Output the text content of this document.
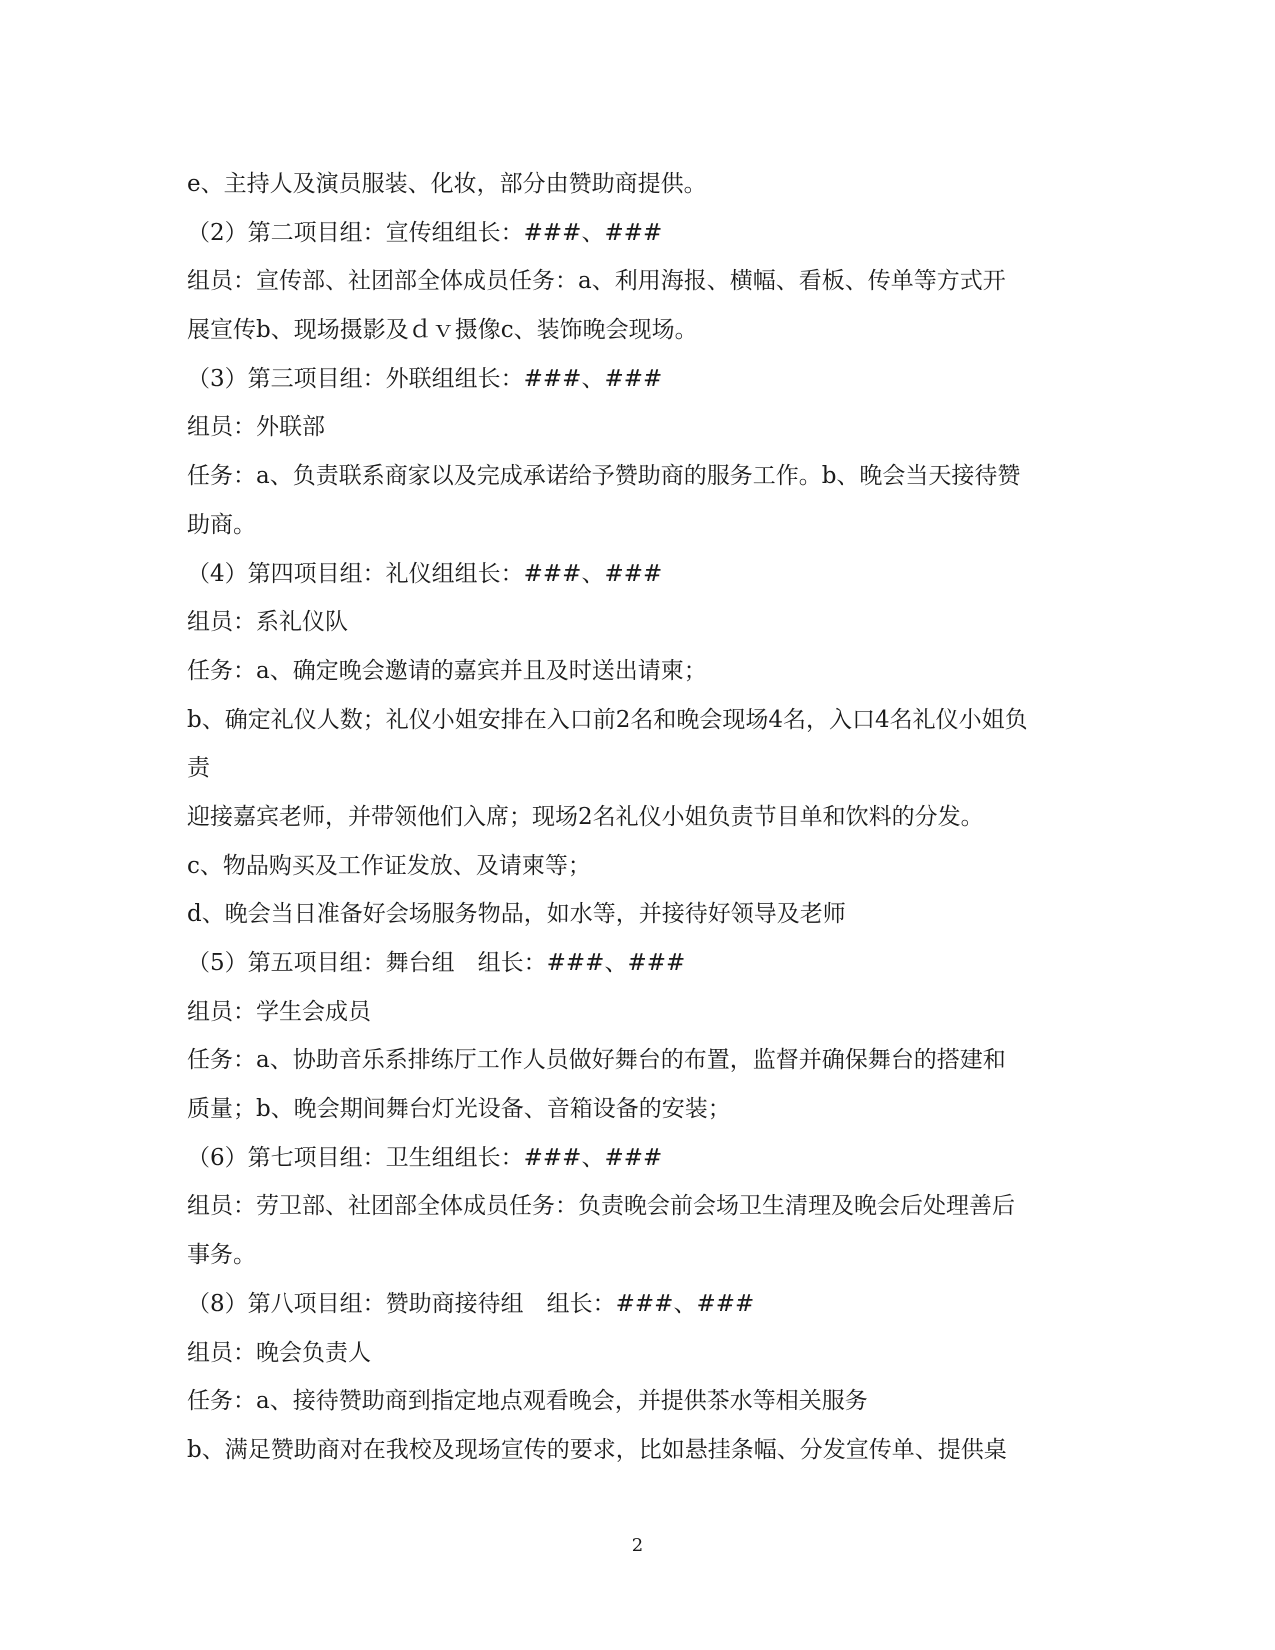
e、主持人及演员服装、化妆，部分由赞助商提供。
（2）第二项目组：宣传组组长：###、###
组员：宣传部、社团部全体成员任务：a、利用海报、横幅、看板、传单等方式开
展宣传b、现场摄影及ｄｖ摄像c、装饰晚会现场。
（3）第三项目组：外联组组长：###、###
组员：外联部
任务：a、负责联系商家以及完成承诺给予赞助商的服务工作。b、晚会当天接待赞
助商。
（4）第四项目组：礼仪组组长：###、###
组员：系礼仪队
任务：a、确定晚会邀请的嘉宾并且及时送出请柬；
b、确定礼仪人数；礼仪小姐安排在入口前2名和晚会现场4名，入口4名礼仪小姐负
责
迎接嘉宾老师，并带领他们入席；现场2名礼仪小姐负责节目单和饮料的分发。
c、物品购买及工作证发放、及请柬等；
d、晚会当日准备好会场服务物品，如水等，并接待好领导及老师
（5）第五项目组：舞台组　组长：###、###
组员：学生会成员
任务：a、协助音乐系排练厅工作人员做好舞台的布置，监督并确保舞台的搭建和
质量；b、晚会期间舞台灯光设备、音箱设备的安装；
（6）第七项目组：卫生组组长：###、###
组员：劳卫部、社团部全体成员任务：负责晚会前会场卫生清理及晚会后处理善后
事务。
（8）第八项目组：赞助商接待组　组长：###、###
组员：晚会负责人
任务：a、接待赞助商到指定地点观看晚会，并提供茶水等相关服务
b、满足赞助商对在我校及现场宣传的要求，比如悬挂条幅、分发宣传单、提供桌
2
